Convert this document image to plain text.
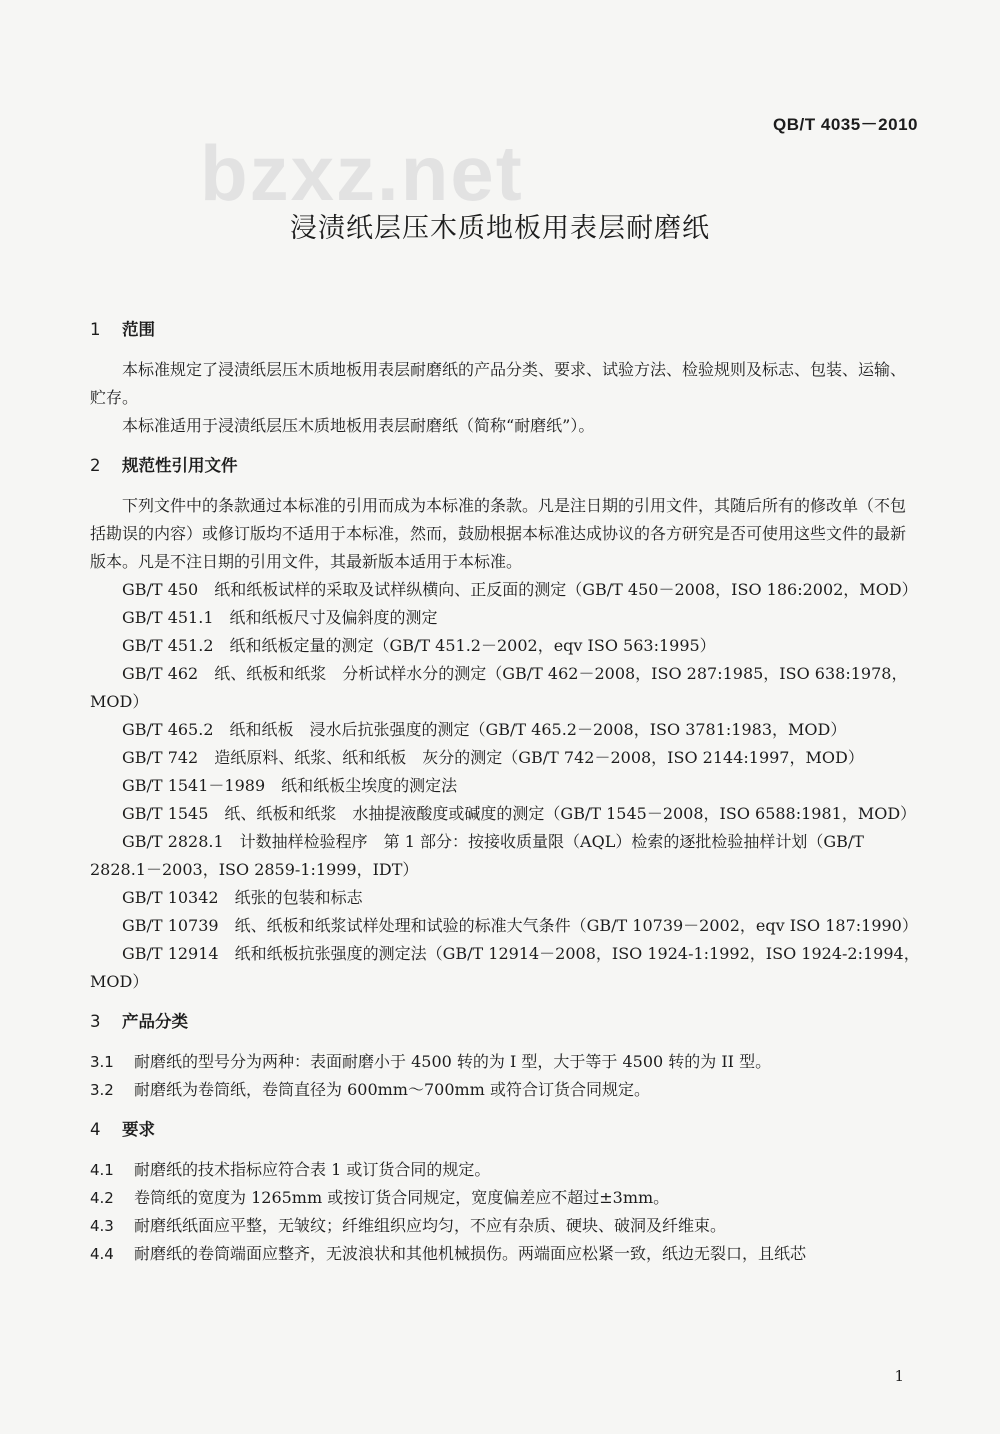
QB/T 4035－2010
bzxz.net
浸渍纸层压木质地板用表层耐磨纸
1 范围

本标准规定了浸渍纸层压木质地板用表层耐磨纸的产品分类、要求、试验方法、检验规则及标志、包装、运输、贮存。

本标准适用于浸渍纸层压木质地板用表层耐磨纸（简称“耐磨纸”）。

2 规范性引用文件

下列文件中的条款通过本标准的引用而成为本标准的条款。凡是注日期的引用文件，其随后所有的修改单（不包括勘误的内容）或修订版均不适用于本标准，然而，鼓励根据本标准达成协议的各方研究是否可使用这些文件的最新版本。凡是不注日期的引用文件，其最新版本适用于本标准。

GB/T 450　纸和纸板试样的采取及试样纵横向、正反面的测定（GB/T 450－2008，ISO 186:2002，MOD）

GB/T 451.1　纸和纸板尺寸及偏斜度的测定

GB/T 451.2　纸和纸板定量的测定（GB/T 451.2－2002，eqv ISO 563:1995）

GB/T 462　纸、纸板和纸浆　分析试样水分的测定（GB/T 462－2008，ISO 287:1985，ISO 638:1978，MOD）

GB/T 465.2　纸和纸板　浸水后抗张强度的测定（GB/T 465.2－2008，ISO 3781:1983，MOD）

GB/T 742　造纸原料、纸浆、纸和纸板　灰分的测定（GB/T 742－2008，ISO 2144:1997，MOD）

GB/T 1541－1989　纸和纸板尘埃度的测定法

GB/T 1545　纸、纸板和纸浆　水抽提液酸度或碱度的测定（GB/T 1545－2008，ISO 6588:1981，MOD）

GB/T 2828.1　计数抽样检验程序　第 1 部分：按接收质量限（AQL）检索的逐批检验抽样计划（GB/T 2828.1－2003，ISO 2859-1:1999，IDT）

GB/T 10342　纸张的包装和标志

GB/T 10739　纸、纸板和纸浆试样处理和试验的标准大气条件（GB/T 10739－2002，eqv ISO 187:1990）

GB/T 12914　纸和纸板抗张强度的测定法（GB/T 12914－2008，ISO 1924-1:1992，ISO 1924-2:1994，MOD）

3 产品分类
3.1 耐磨纸的型号分为两种：表面耐磨小于 4500 转的为 I 型，大于等于 4500 转的为 II 型。
3.2 耐磨纸为卷筒纸，卷筒直径为 600mm～700mm 或符合订货合同规定。
4 要求
4.1 耐磨纸的技术指标应符合表 1 或订货合同的规定。
4.2 卷筒纸的宽度为 1265mm 或按订货合同规定，宽度偏差应不超过±3mm。
4.3 耐磨纸纸面应平整，无皱纹；纤维组织应均匀，不应有杂质、硬块、破洞及纤维束。
4.4 耐磨纸的卷筒端面应整齐，无波浪状和其他机械损伤。两端面应松紧一致，纸边无裂口，且纸芯
1
